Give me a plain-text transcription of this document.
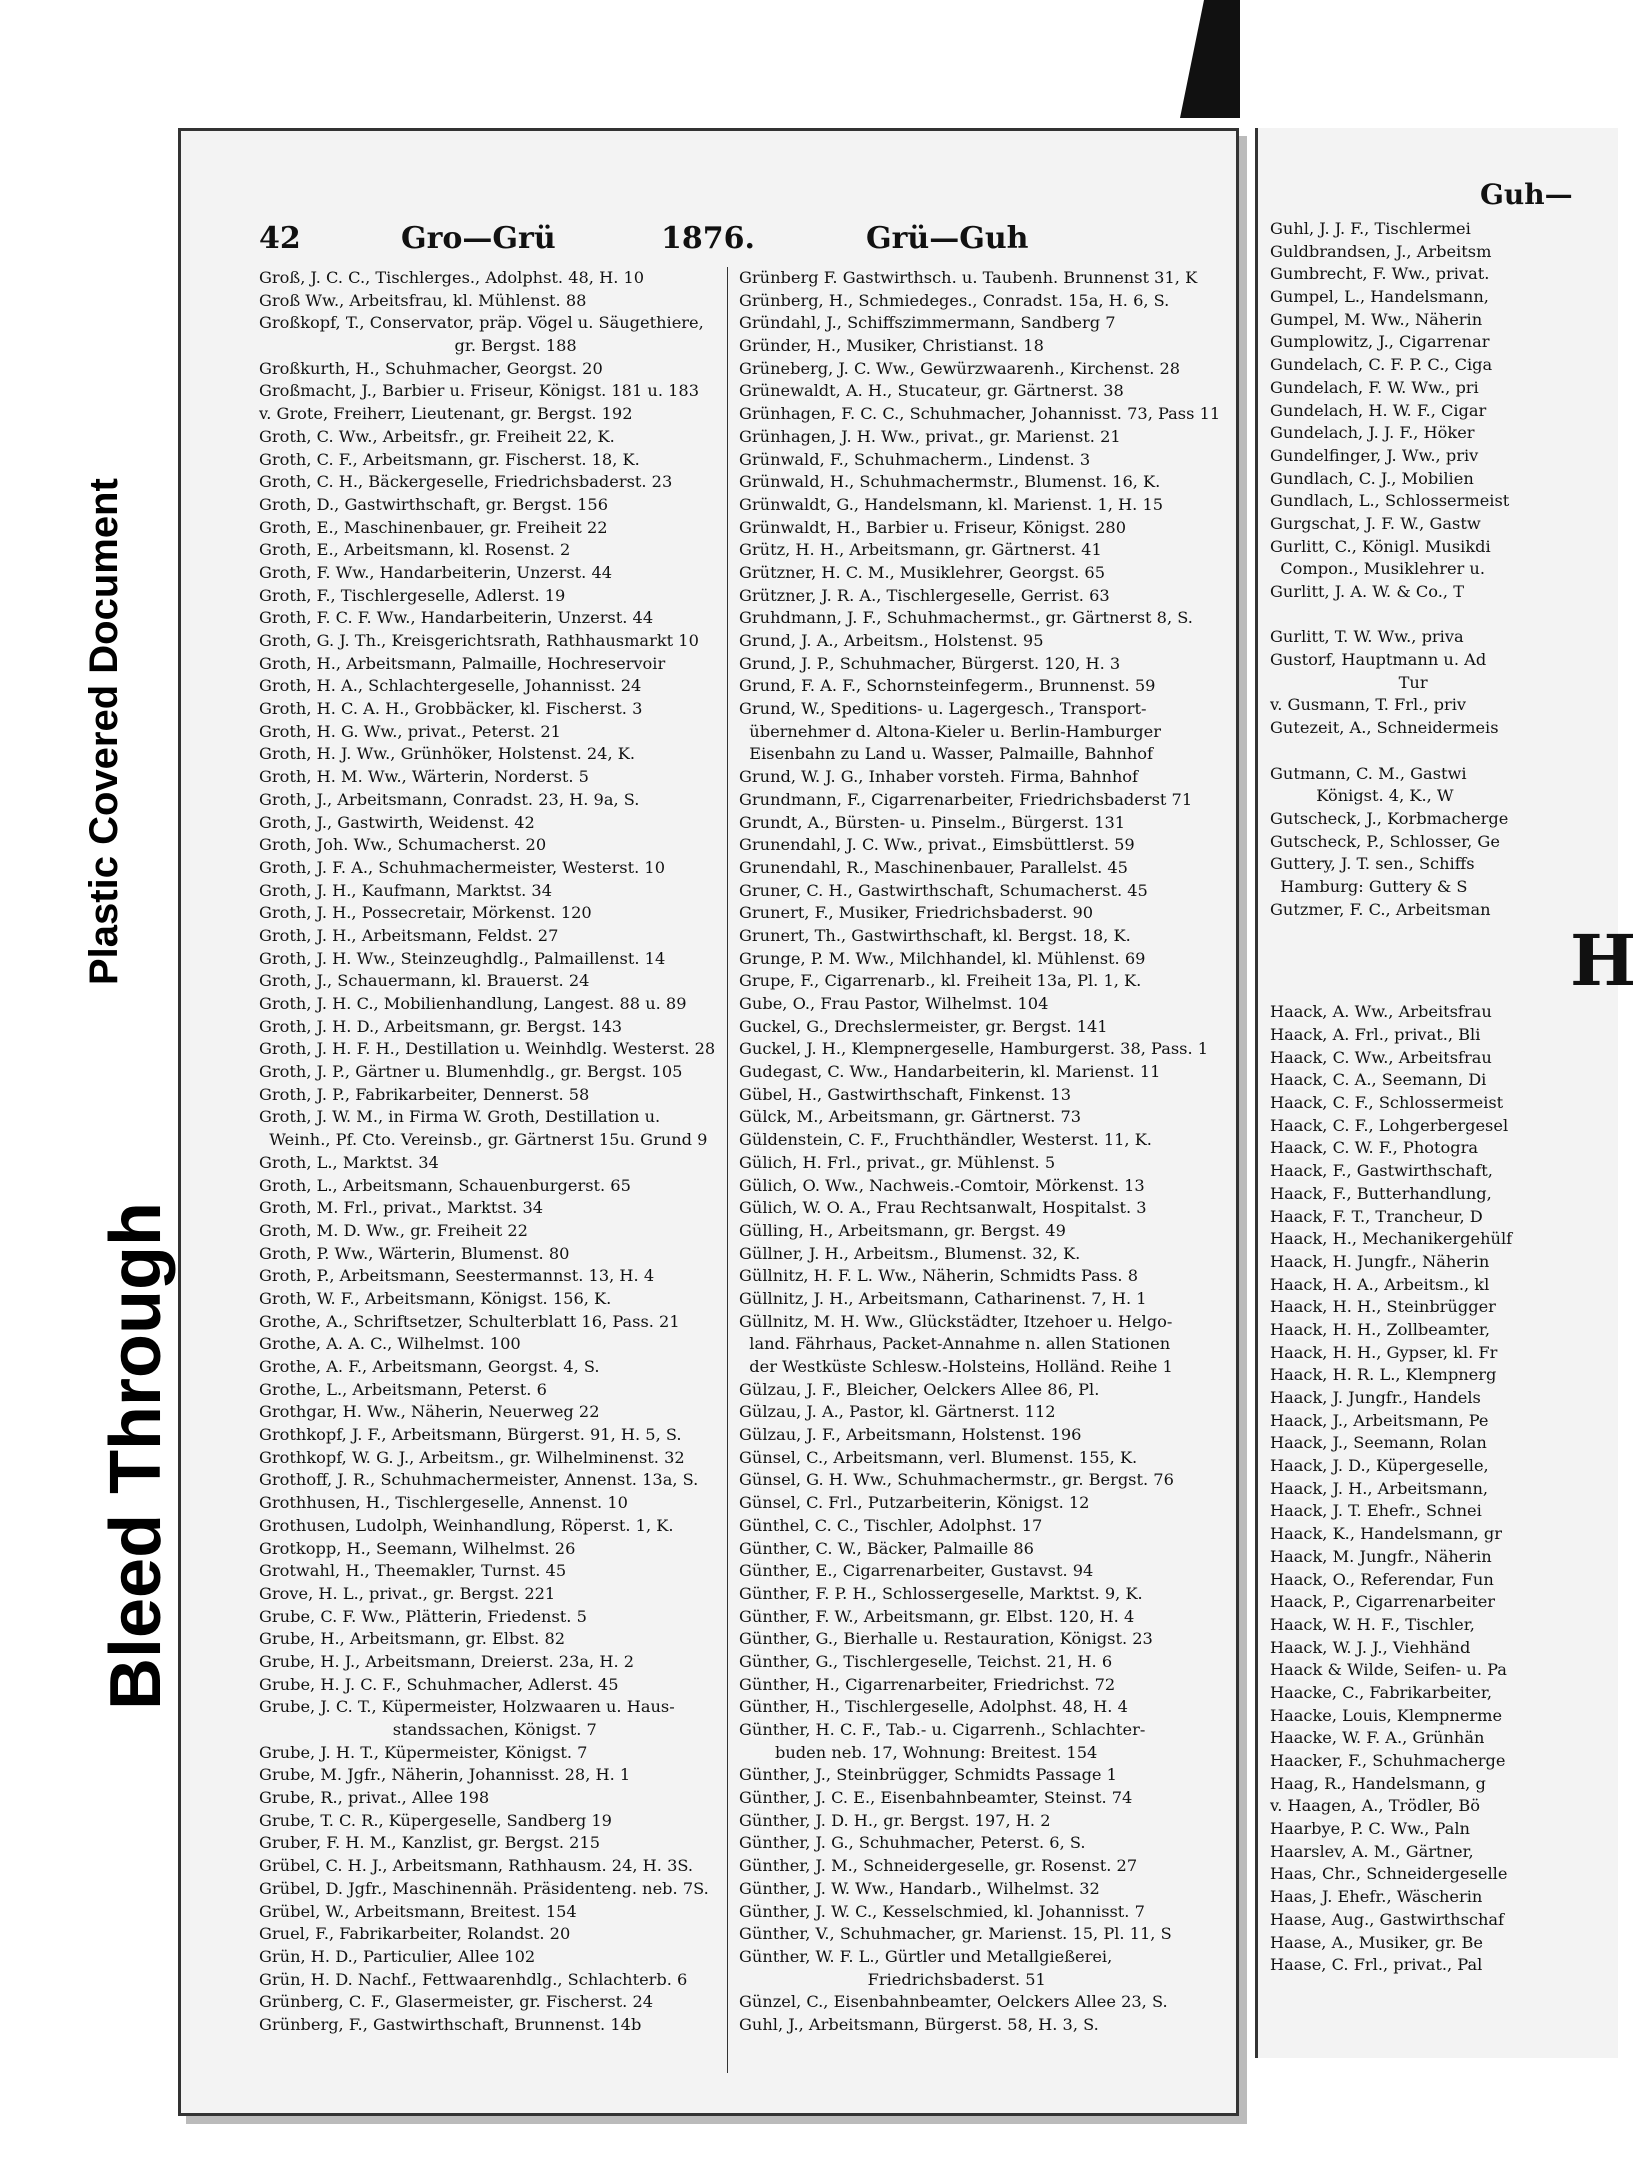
Plastic Covered Document
Bleed Through
42	Gro—Grü	1876.	Grü—Guh
Groß, J. C. C., Tischlerges., Adolphst. 48, H. 10
Groß Ww., Arbeitsfrau, kl. Mühlenst. 88
Großkopf, T., Conservator, präp. Vögel u. Säugethiere,
gr. Bergst. 188
Großkurth, H., Schuhmacher, Georgst. 20
Großmacht, J., Barbier u. Friseur, Königst. 181 u. 183
v. Grote, Freiherr, Lieutenant, gr. Bergst. 192
Groth, C. Ww., Arbeitsfr., gr. Freiheit 22, K.
Groth, C. F., Arbeitsmann, gr. Fischerst. 18, K.
Groth, C. H., Bäckergeselle, Friedrichsbaderst. 23
Groth, D., Gastwirthschaft, gr. Bergst. 156
Groth, E., Maschinenbauer, gr. Freiheit 22
Groth, E., Arbeitsmann, kl. Rosenst. 2
Groth, F. Ww., Handarbeiterin, Unzerst. 44
Groth, F., Tischlergeselle, Adlerst. 19
Groth, F. C. F. Ww., Handarbeiterin, Unzerst. 44
Groth, G. J. Th., Kreisgerichtsrath, Rathhausmarkt 10
Groth, H., Arbeitsmann, Palmaille, Hochreservoir
Groth, H. A., Schlachtergeselle, Johannisst. 24
Groth, H. C. A. H., Grobbäcker, kl. Fischerst. 3
Groth, H. G. Ww., privat., Peterst. 21
Groth, H. J. Ww., Grünhöker, Holstenst. 24, K.
Groth, H. M. Ww., Wärterin, Norderst. 5
Groth, J., Arbeitsmann, Conradst. 23, H. 9a, S.
Groth, J., Gastwirth, Weidenst. 42
Groth, Joh. Ww., Schumacherst. 20
Groth, J. F. A., Schuhmachermeister, Westerst. 10
Groth, J. H., Kaufmann, Marktst. 34
Groth, J. H., Possecretair, Mörkenst. 120
Groth, J. H., Arbeitsmann, Feldst. 27
Groth, J. H. Ww., Steinzeughdlg., Palmaillenst. 14
Groth, J., Schauermann, kl. Brauerst. 24
Groth, J. H. C., Mobilienhandlung, Langest. 88 u. 89
Groth, J. H. D., Arbeitsmann, gr. Bergst. 143
Groth, J. H. F. H., Destillation u. Weinhdlg. Westerst. 28
Groth, J. P., Gärtner u. Blumenhdlg., gr. Bergst. 105
Groth, J. P., Fabrikarbeiter, Dennerst. 58
Groth, J. W. M., in Firma W. Groth, Destillation u.
Weinh., Pf. Cto. Vereinsb., gr. Gärtnerst 15u. Grund 9
Groth, L., Marktst. 34
Groth, L., Arbeitsmann, Schauenburgerst. 65
Groth, M. Frl., privat., Marktst. 34
Groth, M. D. Ww., gr. Freiheit 22
Groth, P. Ww., Wärterin, Blumenst. 80
Groth, P., Arbeitsmann, Seestermannst. 13, H. 4
Groth, W. F., Arbeitsmann, Königst. 156, K.
Grothe, A., Schriftsetzer, Schulterblatt 16, Pass. 21
Grothe, A. A. C., Wilhelmst. 100
Grothe, A. F., Arbeitsmann, Georgst. 4, S.
Grothe, L., Arbeitsmann, Peterst. 6
Grothgar, H. Ww., Näherin, Neuerweg 22
Grothkopf, J. F., Arbeitsmann, Bürgerst. 91, H. 5, S.
Grothkopf, W. G. J., Arbeitsm., gr. Wilhelminenst. 32
Grothoff, J. R., Schuhmachermeister, Annenst. 13a, S.
Grothhusen, H., Tischlergeselle, Annenst. 10
Grothusen, Ludolph, Weinhandlung, Röperst. 1, K.
Grotkopp, H., Seemann, Wilhelmst. 26
Grotwahl, H., Theemakler, Turnst. 45
Grove, H. L., privat., gr. Bergst. 221
Grube, C. F. Ww., Plätterin, Friedenst. 5
Grube, H., Arbeitsmann, gr. Elbst. 82
Grube, H. J., Arbeitsmann, Dreierst. 23a, H. 2
Grube, H. J. C. F., Schuhmacher, Adlerst. 45
Grube, J. C. T., Küpermeister, Holzwaaren u. Haus-
standssachen, Königst. 7
Grube, J. H. T., Küpermeister, Königst. 7
Grube, M. Jgfr., Näherin, Johannisst. 28, H. 1
Grube, R., privat., Allee 198
Grube, T. C. R., Küpergeselle, Sandberg 19
Gruber, F. H. M., Kanzlist, gr. Bergst. 215
Grübel, C. H. J., Arbeitsmann, Rathhausm. 24, H. 3S.
Grübel, D. Jgfr., Maschinennäh. Präsidenteng. neb. 7S.
Grübel, W., Arbeitsmann, Breitest. 154
Gruel, F., Fabrikarbeiter, Rolandst. 20
Grün, H. D., Particulier, Allee 102
Grün, H. D. Nachf., Fettwaarenhdlg., Schlachterb. 6
Grünberg, C. F., Glasermeister, gr. Fischerst. 24
Grünberg, F., Gastwirthschaft, Brunnenst. 14b
Grünberg F. Gastwirthsch. u. Taubenh. Brunnenst 31, K
Grünberg, H., Schmiedeges., Conradst. 15a, H. 6, S.
Gründahl, J., Schiffszimmermann, Sandberg 7
Gründer, H., Musiker, Christianst. 18
Grüneberg, J. C. Ww., Gewürzwaarenh., Kirchenst. 28
Grünewaldt, A. H., Stucateur, gr. Gärtnerst. 38
Grünhagen, F. C. C., Schuhmacher, Johannisst. 73, Pass 11
Grünhagen, J. H. Ww., privat., gr. Marienst. 21
Grünwald, F., Schuhmacherm., Lindenst. 3
Grünwald, H., Schuhmachermstr., Blumenst. 16, K.
Grünwaldt, G., Handelsmann, kl. Marienst. 1, H. 15
Grünwaldt, H., Barbier u. Friseur, Königst. 280
Grütz, H. H., Arbeitsmann, gr. Gärtnerst. 41
Grützner, H. C. M., Musiklehrer, Georgst. 65
Grützner, J. R. A., Tischlergeselle, Gerrist. 63
Gruhdmann, J. F., Schuhmachermst., gr. Gärtnerst 8, S.
Grund, J. A., Arbeitsm., Holstenst. 95
Grund, J. P., Schuhmacher, Bürgerst. 120, H. 3
Grund, F. A. F., Schornsteinfegerm., Brunnenst. 59
Grund, W., Speditions- u. Lagergesch., Transport-
übernehmer d. Altona-Kieler u. Berlin-Hamburger
Eisenbahn zu Land u. Wasser, Palmaille, Bahnhof
Grund, W. J. G., Inhaber vorsteh. Firma, Bahnhof
Grundmann, F., Cigarrenarbeiter, Friedrichsbaderst 71
Grundt, A., Bürsten- u. Pinselm., Bürgerst. 131
Grunendahl, J. C. Ww., privat., Eimsbüttlerst. 59
Grunendahl, R., Maschinenbauer, Parallelst. 45
Gruner, C. H., Gastwirthschaft, Schumacherst. 45
Grunert, F., Musiker, Friedrichsbaderst. 90
Grunert, Th., Gastwirthschaft, kl. Bergst. 18, K.
Grunge, P. M. Ww., Milchhandel, kl. Mühlenst. 69
Grupe, F., Cigarrenarb., kl. Freiheit 13a, Pl. 1, K.
Gube, O., Frau Pastor, Wilhelmst. 104
Guckel, G., Drechslermeister, gr. Bergst. 141
Guckel, J. H., Klempnergeselle, Hamburgerst. 38, Pass. 1
Gudegast, C. Ww., Handarbeiterin, kl. Marienst. 11
Gübel, H., Gastwirthschaft, Finkenst. 13
Gülck, M., Arbeitsmann, gr. Gärtnerst. 73
Güldenstein, C. F., Fruchthändler, Westerst. 11, K.
Gülich, H. Frl., privat., gr. Mühlenst. 5
Gülich, O. Ww., Nachweis.-Comtoir, Mörkenst. 13
Gülich, W. O. A., Frau Rechtsanwalt, Hospitalst. 3
Gülling, H., Arbeitsmann, gr. Bergst. 49
Güllner, J. H., Arbeitsm., Blumenst. 32, K.
Güllnitz, H. F. L. Ww., Näherin, Schmidts Pass. 8
Güllnitz, J. H., Arbeitsmann, Catharinenst. 7, H. 1
Güllnitz, M. H. Ww., Glückstädter, Itzehoer u. Helgo-
land. Fährhaus, Packet-Annahme n. allen Stationen
der Westküste Schlesw.-Holsteins, Holländ. Reihe 1
Gülzau, J. F., Bleicher, Oelckers Allee 86, Pl.
Gülzau, J. A., Pastor, kl. Gärtnerst. 112
Gülzau, J. F., Arbeitsmann, Holstenst. 196
Günsel, C., Arbeitsmann, verl. Blumenst. 155, K.
Günsel, G. H. Ww., Schuhmachermstr., gr. Bergst. 76
Günsel, C. Frl., Putzarbeiterin, Königst. 12
Günthel, C. C., Tischler, Adolphst. 17
Günther, C. W., Bäcker, Palmaille 86
Günther, E., Cigarrenarbeiter, Gustavst. 94
Günther, F. P. H., Schlossergeselle, Marktst. 9, K.
Günther, F. W., Arbeitsmann, gr. Elbst. 120, H. 4
Günther, G., Bierhalle u. Restauration, Königst. 23
Günther, G., Tischlergeselle, Teichst. 21, H. 6
Günther, H., Cigarrenarbeiter, Friedrichst. 72
Günther, H., Tischlergeselle, Adolphst. 48, H. 4
Günther, H. C. F., Tab.- u. Cigarrenh., Schlachter-
buden neb. 17, Wohnung: Breitest. 154
Günther, J., Steinbrügger, Schmidts Passage 1
Günther, J. C. E., Eisenbahnbeamter, Steinst. 74
Günther, J. D. H., gr. Bergst. 197, H. 2
Günther, J. G., Schuhmacher, Peterst. 6, S.
Günther, J. M., Schneidergeselle, gr. Rosenst. 27
Günther, J. W. Ww., Handarb., Wilhelmst. 32
Günther, J. W. C., Kesselschmied, kl. Johannisst. 7
Günther, V., Schuhmacher, gr. Marienst. 15, Pl. 11, S
Günther, W. F. L., Gürtler und Metallgießerei,
Friedrichsbaderst. 51
Günzel, C., Eisenbahnbeamter, Oelckers Allee 23, S.
Guhl, J., Arbeitsmann, Bürgerst. 58, H. 3, S.
Guh—
Guhl, J. J. F., Tischlermei
Guldbrandsen, J., Arbeitsm
Gumbrecht, F. Ww., privat.
Gumpel, L., Handelsmann,
Gumpel, M. Ww., Näherin
Gumplowitz, J., Cigarrenar
Gundelach, C. F. P. C., Ciga
Gundelach, F. W. Ww., pri
Gundelach, H. W. F., Cigar
Gundelach, J. J. F., Höker
Gundelfinger, J. Ww., priv
Gundlach, C. J., Mobilien
Gundlach, L., Schlossermeist
Gurgschat, J. F. W., Gastw
Gurlitt, C., Königl. Musikdi
Compon., Musiklehrer u.
Gurlitt, J. A. W. & Co., T
Gurlitt, T. W. Ww., priva
Gustorf, Hauptmann u. Ad
Tur
v. Gusmann, T. Frl., priv
Gutezeit, A., Schneidermeis
Gutmann, C. M., Gastwi
Königst. 4, K., W
Gutscheck, J., Korbmacherge
Gutscheck, P., Schlosser, Ge
Guttery, J. T. sen., Schiffs
Hamburg: Guttery & S
Gutzmer, F. C., Arbeitsman
H
Haack, A. Ww., Arbeitsfrau
Haack, A. Frl., privat., Bli
Haack, C. Ww., Arbeitsfrau
Haack, C. A., Seemann, Di
Haack, C. F., Schlossermeist
Haack, C. F., Lohgerbergesel
Haack, C. W. F., Photogra
Haack, F., Gastwirthschaft,
Haack, F., Butterhandlung,
Haack, F. T., Trancheur, D
Haack, H., Mechanikergehülf
Haack, H. Jungfr., Näherin
Haack, H. A., Arbeitsm., kl
Haack, H. H., Steinbrügger
Haack, H. H., Zollbeamter,
Haack, H. H., Gypser, kl. Fr
Haack, H. R. L., Klempnerg
Haack, J. Jungfr., Handels
Haack, J., Arbeitsmann, Pe
Haack, J., Seemann, Rolan
Haack, J. D., Küpergeselle,
Haack, J. H., Arbeitsmann,
Haack, J. T. Ehefr., Schnei
Haack, K., Handelsmann, gr
Haack, M. Jungfr., Näherin
Haack, O., Referendar, Fun
Haack, P., Cigarrenarbeiter
Haack, W. H. F., Tischler,
Haack, W. J. J., Viehhänd
Haack & Wilde, Seifen- u. Pa
Haacke, C., Fabrikarbeiter,
Haacke, Louis, Klempnerme
Haacke, W. F. A., Grünhän
Haacker, F., Schuhmacherge
Haag, R., Handelsmann, g
v. Haagen, A., Trödler, Bö
Haarbye, P. C. Ww., Paln
Haarslev, A. M., Gärtner,
Haas, Chr., Schneidergeselle
Haas, J. Ehefr., Wäscherin
Haase, Aug., Gastwirthschaf
Haase, A., Musiker, gr. Be
Haase, C. Frl., privat., Pal
